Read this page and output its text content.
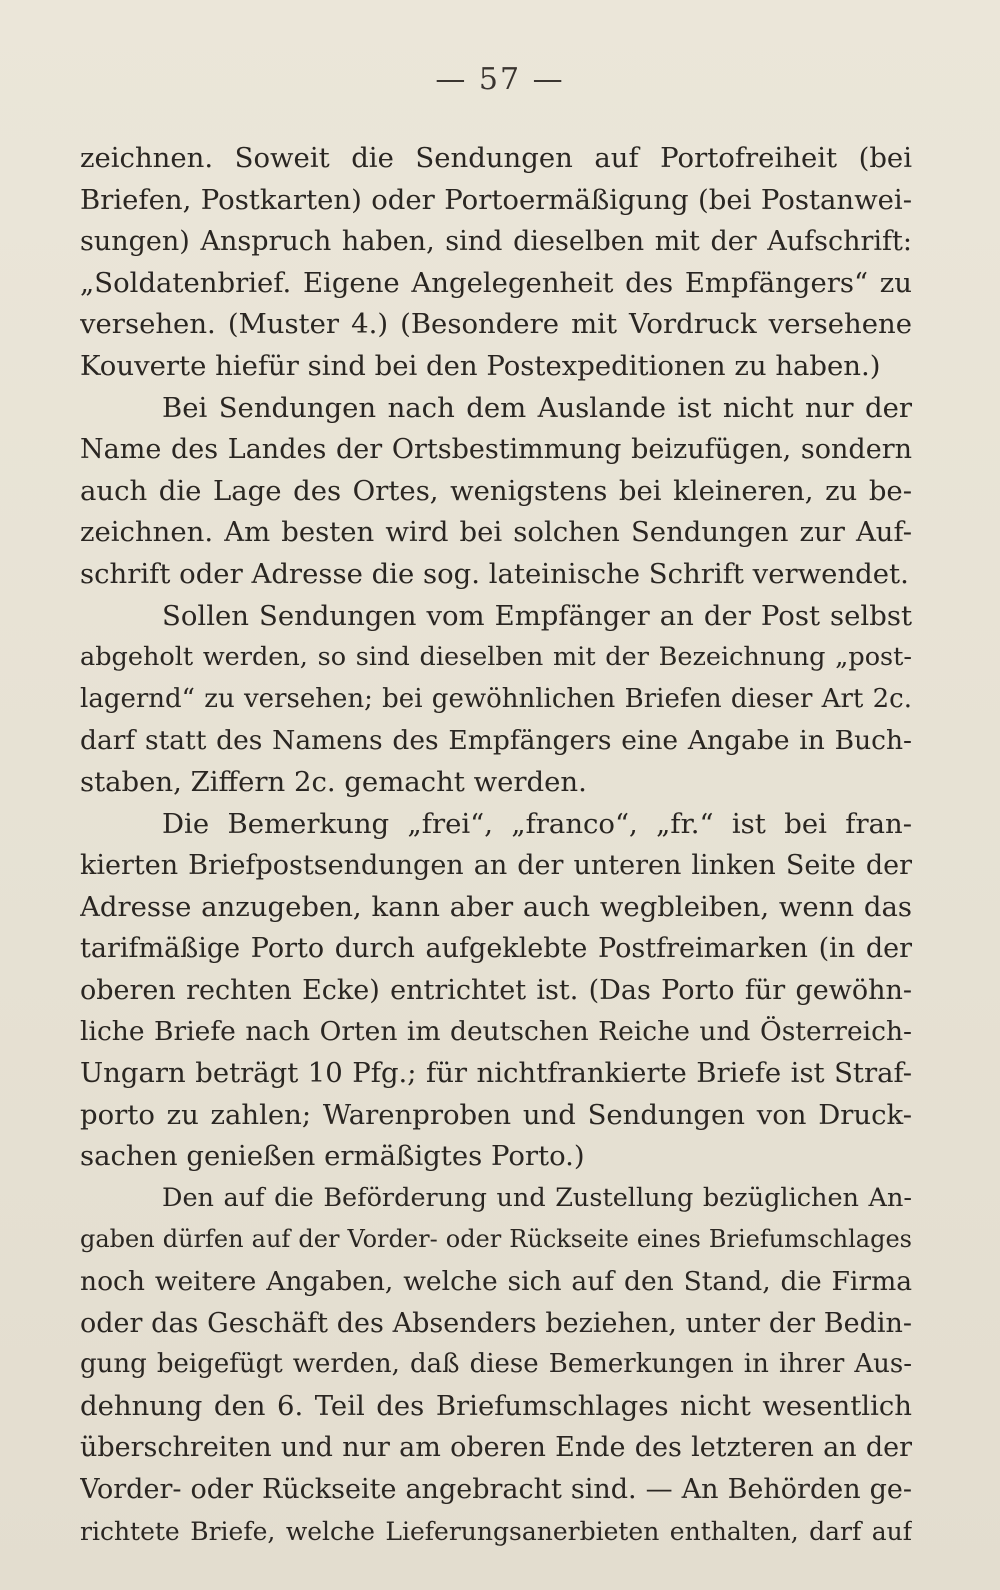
— 57 —
zeichnen. Soweit die Sendungen auf Portofreiheit (bei
Briefen, Postkarten) oder Portoermäßigung (bei Postanwei-
sungen) Anspruch haben, sind dieselben mit der Aufschrift:
„Soldatenbrief. Eigene Angelegenheit des Empfängers“ zu
versehen. (Muster 4.) (Besondere mit Vordruck versehene
Kouverte hiefür sind bei den Postexpeditionen zu haben.)
Bei Sendungen nach dem Auslande ist nicht nur der
Name des Landes der Ortsbestimmung beizufügen, sondern
auch die Lage des Ortes, wenigstens bei kleineren, zu be-
zeichnen. Am besten wird bei solchen Sendungen zur Auf-
schrift oder Adresse die sog. lateinische Schrift verwendet.
Sollen Sendungen vom Empfänger an der Post selbst
abgeholt werden, so sind dieselben mit der Bezeichnung „post-
lagernd“ zu versehen; bei gewöhnlichen Briefen dieser Art 2c.
darf statt des Namens des Empfängers eine Angabe in Buch-
staben, Ziffern 2c. gemacht werden.
Die Bemerkung „frei“, „franco“, „fr.“ ist bei fran-
kierten Briefpostsendungen an der unteren linken Seite der
Adresse anzugeben, kann aber auch wegbleiben, wenn das
tarifmäßige Porto durch aufgeklebte Postfreimarken (in der
oberen rechten Ecke) entrichtet ist. (Das Porto für gewöhn-
liche Briefe nach Orten im deutschen Reiche und Österreich-
Ungarn beträgt 10 Pfg.; für nichtfrankierte Briefe ist Straf-
porto zu zahlen; Warenproben und Sendungen von Druck-
sachen genießen ermäßigtes Porto.)
Den auf die Beförderung und Zustellung bezüglichen An-
gaben dürfen auf der Vorder- oder Rückseite eines Briefumschlages
noch weitere Angaben, welche sich auf den Stand, die Firma
oder das Geschäft des Absenders beziehen, unter der Bedin-
gung beigefügt werden, daß diese Bemerkungen in ihrer Aus-
dehnung den 6. Teil des Briefumschlages nicht wesentlich
überschreiten und nur am oberen Ende des letzteren an der
Vorder- oder Rückseite angebracht sind. — An Behörden ge-
richtete Briefe, welche Lieferungsanerbieten enthalten, darf auf
